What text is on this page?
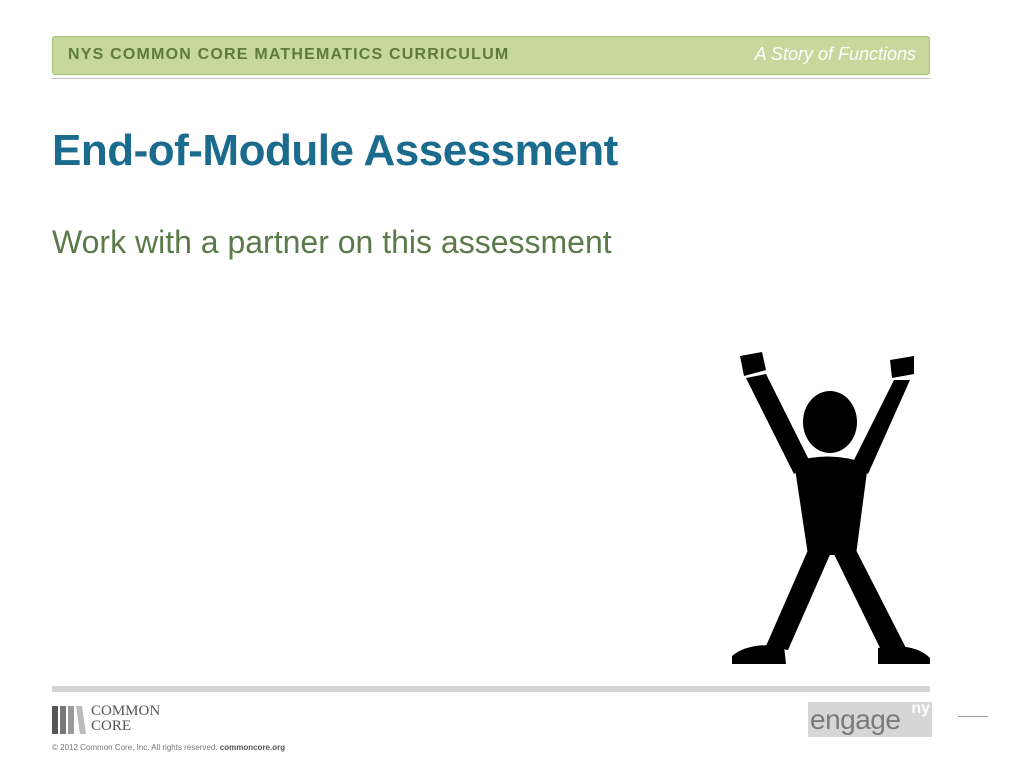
NYS COMMON CORE MATHEMATICS CURRICULUM	A Story of Functions
End-of-Module Assessment

Work with a partner on this assessment

COMMON
CORE
© 2012 Common Core, Inc. All rights reserved. commoncore.org
engage ny
